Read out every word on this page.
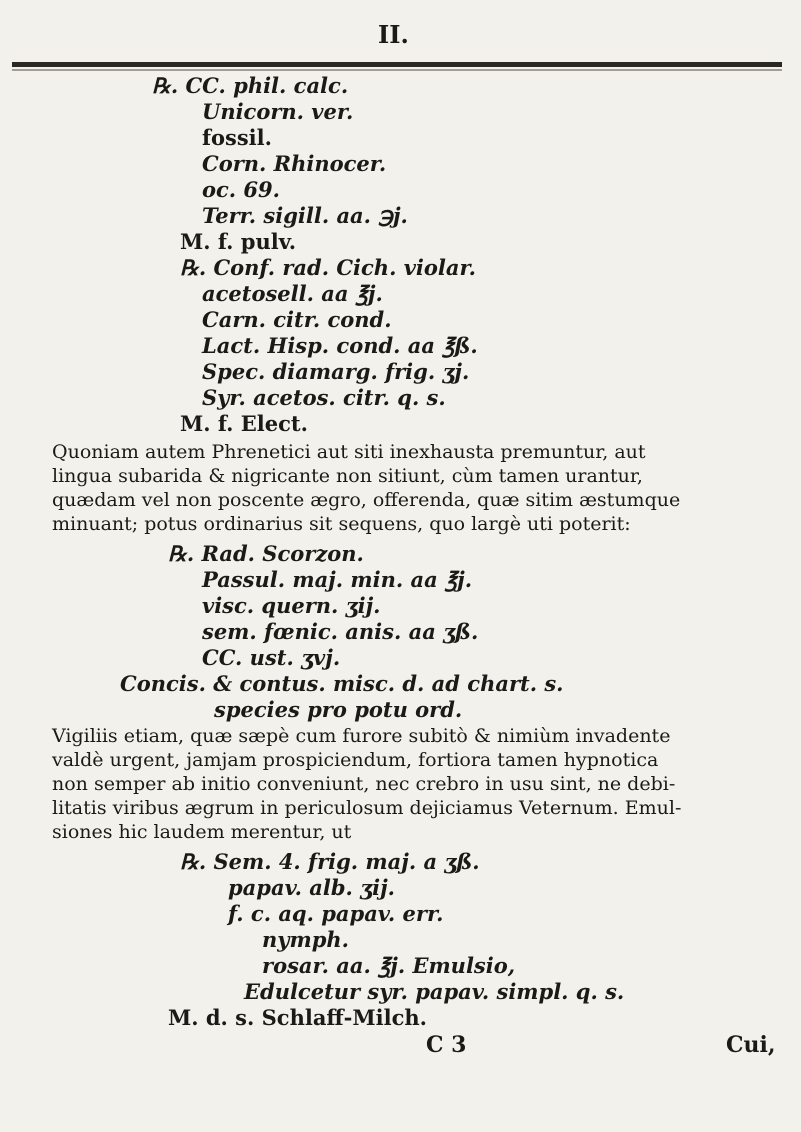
II.
℞. CC. phil. calc.
Unicorn. ver.
fossil.
Corn. Rhinocer.
oc. 69.
Terr. sigill. aa. ℈j.
M. f. pulv.
℞. Conf. rad. Cich. violar.
acetosell. aa ℥j.
Carn. citr. cond.
Lact. Hisp. cond. aa ℥ß.
Spec. diamarg. frig. ʒj.
Syr. acetos. citr. q. s.
M. f. Elect.
Quoniam autem Phrenetici aut siti inexhausta premuntur, aut
lingua subarida & nigricante non sitiunt, cùm tamen urantur,
quædam vel non poscente ægro, offerenda, quæ sitim æstumque
minuant; potus ordinarius sit sequens, quo largè uti poterit:
℞. Rad. Scorzon.
Passul. maj. min. aa ℥j.
visc. quern. ʒij.
sem. fœnic. anis. aa ʒß.
CC. ust. ʒvj.
Concis. & contus. misc. d. ad chart. s.
species pro potu ord.
Vigiliis etiam, quæ sæpè cum furore subitò & nimiùm invadente
valdè urgent, jamjam prospiciendum, fortiora tamen hypnotica
non semper ab initio conveniunt, nec crebro in usu sint, ne debi-
litatis viribus ægrum in periculosum dejiciamus Veternum. Emul-
siones hic laudem merentur, ut
℞. Sem. 4. frig. maj. a ʒß.
papav. alb. ʒij.
f. c. aq. papav. err.
nymph.
rosar. aa. ℥j. Emulsio,
Edulcetur syr. papav. simpl. q. s.
M. d. s. Schlaff-Milch.
C 3	Cui,
